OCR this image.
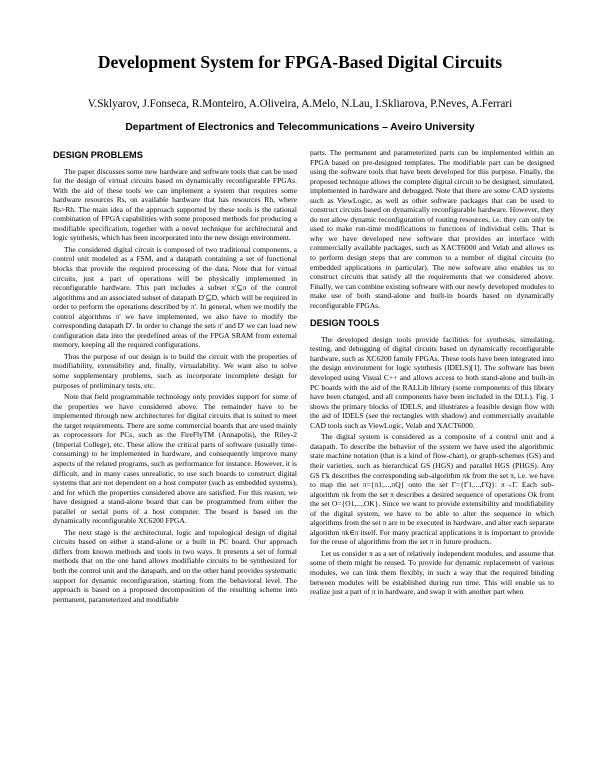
Development System for FPGA-Based Digital Circuits
V.Sklyarov, J.Fonseca, R.Monteiro, A.Oliveira, A.Melo, N.Lau, I.Skliarova, P.Neves, A.Ferrari
Department of Electronics and Telecommunications – Aveiro University
DESIGN PROBLEMS

The paper discusses some new hardware and software tools that can be used for the design of virtual circuits based on dynamically reconfigurable FPGAs. With the aid of these tools we can implement a system that requires some hardware resources Rs, on available hardware that has resources Rh, where Rs>Rh. The main idea of the approach supported by these tools is the rational combination of FPGA capabilities with some proposed methods for producing a modifiable specification, together with a novel technique for architectural and logic synthesis, which has been incorporated into the new design environment.

The considered digital circuit is composed of two traditional components, a control unit modeled as a FSM, and a datapath containing a set of functional blocks that provide the required processing of the data. Note that for virtual circuits, just a part of operations will be physically implemented in reconfigurable hardware. This part includes a subset π'⊆π of the control algorithms and an associated subset of datapath D'⊆D, which will be required in order to perform the operations described by π'. In general, when we modify the control algorithms π' we have implemented, we also have to modify the corresponding datapath D'. In order to change the sets π' and D' we can load new configuration data into the predefined areas of the FPGA SRAM from external memory, keeping all the required configurations.

Thus the purpose of our design is to build the circuit with the properties of modifiability, extensibility and, finally, virtualability. We want also to solve some supplementary problems, such as incorporate incomplete design for purposes of preliminary tests, etc.

Note that field programmable technology only provides support for some of the properties we have considered above. The remainder have to be implemented through new architectures for digital circuits that is suited to meet the target requirements. There are some commercial boards that are used mainly as coprocessors for PCs, such as the FireFlyTM (Annapolis), the Riley-2 (Imperial College), etc. These allow the critical parts of software (usually time-consuming) to be implemented in hardware, and consequently improve many aspects of the related programs, such as performance for instance. However, it is difficult, and in many cases unrealistic, to use such boards to construct digital systems that are not dependent on a host computer (such as embedded systems), and for which the properties considered above are satisfied. For this reason, we have designed a stand-alone board that can be programmed from either the parallel or serial ports of a host computer. The board is based on the dynamically reconfigurable XC6200 FPGA.

The next stage is the architectural, logic and topological design of digital circuits based on either a stand-alone or a built in PC board. Our approach differs from known methods and tools in two ways. It presents a set of formal methods that on the one hand allows modifiable circuits to be synthesized for both the control unit and the datapath, and on the other hand provides systematic support for dynamic reconfiguration, starting from the behavioral level. The approach is based on a proposed decomposition of the resulting scheme into permanent, parameterized and modifiable

parts. The permanent and parameterized parts can be implemented within an FPGA based on pre-designed templates. The modifiable part can be designed using the software tools that have been developed for this purpose. Finally, the proposed technique allows the complete digital circuit to be designed, simulated, implemented in hardware and debugged. Note that there are some CAD systems such as ViewLogic, as well as other software packages that can be used to construct circuits based on dynamically reconfigurable hardware. However, they do not allow dynamic reconfiguration of routing resources, i.e. they can only be used to make run-time modifications to functions of individual cells. That is why we have developed new software that provides an interface with commercially available packages, such as XACT6000 and Velab and allows us to perform design steps that are common to a number of digital circuits (to embedded applications in particular). The new software also enables us to construct circuits that satisfy all the requirements that we considered above. Finally, we can combine existing software with our newly developed modules to make use of both stand-alone and built-in boards based on dynamically reconfigurable FPGAs.

DESIGN TOOLS

The developed design tools provide facilities for synthesis, simulating, testing, and debugging of digital circuits based on dynamically reconfigurable hardware, such as XC6200 family FPGAs. These tools have been integrated into the design environment for logic synthesis (IDELS)[1]. The software has been developed using Visual C++ and allows access to both stand-alone and built-in PC boards with the aid of the RALLib library (some components of this library have been changed, and all components have been included in the DLL). Fig. 1 shows the primary blocks of IDELS, and illustrates a feasible design flow with the aid of IDELS (see the rectangles with shadow) and commercially available CAD tools such as ViewLogic, Velab and XACT6000.

The digital system is considered as a composite of a control unit and a datapath. To describe the behavior of the system we have used the algorithmic state machine notation (that is a kind of flow-chart), or graph-schemes (GS) and their varieties, such as hierarchical GS (HGS) and parallel HGS (PHGS). Any GS Γk describes the corresponding sub-algorithm πk from the set π, i.e. we have to map the set π={π1,...,πQ} onto the set Γ={Γ1,...,ΓQ}: π→Γ. Each sub-algorithm πk from the set π describes a desired sequence of operations Ok from the set O={O1,...,OK}. Since we want to provide extensibility and modifiability of the digital system, we have to be able to alter the sequence in which algorithms from the set π are to be executed in hardware, and alter each separate algorithm πk∈π itself. For many practical applications it is important to provide for the reuse of algorithms from the set π in future products.

Let us consider π as a set of relatively independent modules, and assume that some of them might be reused. To provide for dynamic replacement of various modules, we can link them flexibly, in such a way that the required binding between modules will be established during run time. This will enable us to realize just a part of π in hardware, and swap it with another part when
